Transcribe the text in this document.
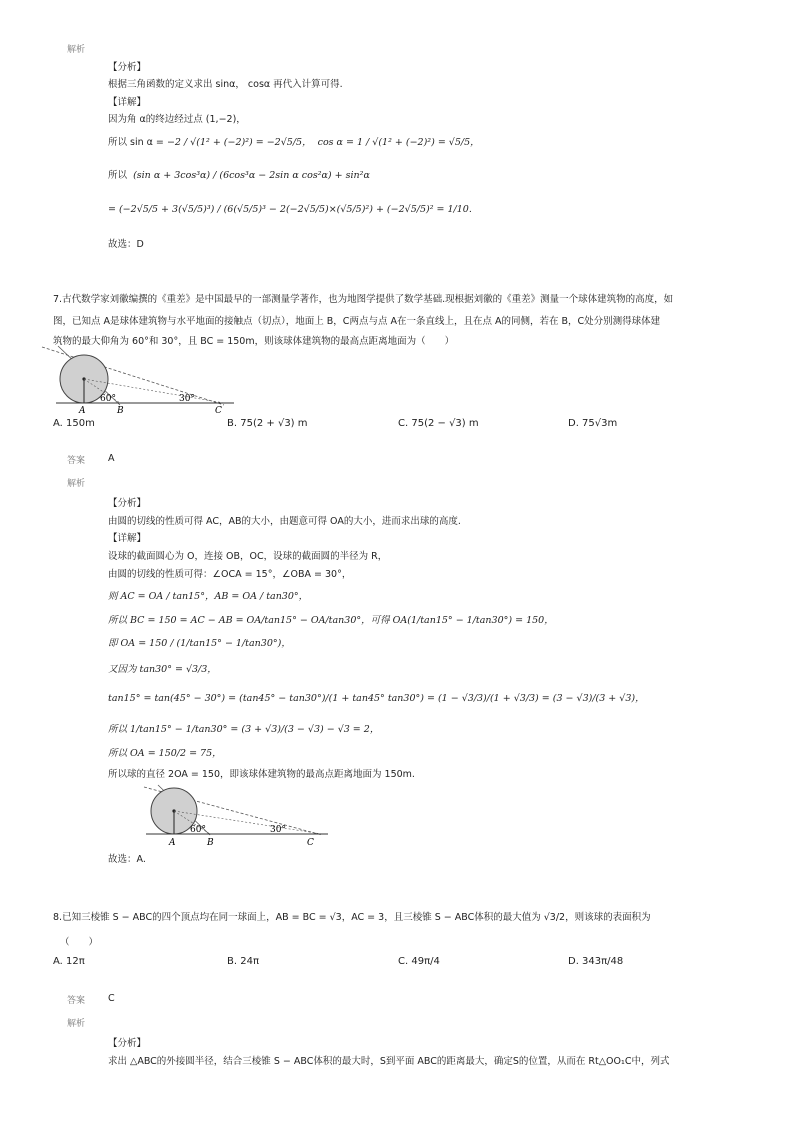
解析
【分析】
根据三角函数的定义求出 sinα， cosα 再代入计算可得.
【详解】
因为角 α的终边经过点 (1,−2)，
所以 sin α = −2 / √(1² + (−2)²) = −2√5/5， cos α = 1 / √(1² + (−2)²) = √5/5，
所以 (sin α + 3cos³α) / (6cos³α − 2sin α cos²α) + sin²α
= (−2√5/5 + 3(√5/5)³) / (6(√5/5)³ − 2(−2√5/5)×(√5/5)²) + (−2√5/5)² = 1/10.
故选：D
7.古代数学家刘徽编撰的《重差》是中国最早的一部测量学著作，也为地图学提供了数学基础.现根据刘徽的《重差》测量一个球体建筑物的高度，如
图，已知点 A是球体建筑物与水平地面的接触点（切点），地面上 B，C两点与点 A在一条直线上，且在点 A的同侧，若在 B，C处分别测得球体建
筑物的最大仰角为 60°和 30°，且 BC = 150m，则该球体建筑物的最高点距离地面为（　　）
60°	30°
A	B	C
A. 150m	B. 75(2 + √3) m	C. 75(2 − √3) m	D. 75√3m
答案 A
解析
【分析】
由圆的切线的性质可得 AC，AB的大小，由题意可得 OA的大小，进而求出球的高度.
【详解】
设球的截面圆心为 O，连接 OB，OC，设球的截面圆的半径为 R，
由圆的切线的性质可得：∠OCA = 15°，∠OBA = 30°，
则 AC = OA / tan15°，AB = OA / tan30°，
所以 BC = 150 = AC − AB = OA/tan15° − OA/tan30°，可得 OA(1/tan15° − 1/tan30°) = 150，
即 OA = 150 / (1/tan15° − 1/tan30°)，
又因为 tan30° = √3/3，
tan15° = tan(45° − 30°) = (tan45° − tan30°)/(1 + tan45° tan30°) = (1 − √3/3)/(1 + √3/3) = (3 − √3)/(3 + √3)，
所以 1/tan15° − 1/tan30° = (3 + √3)/(3 − √3) − √3 = 2，
所以 OA = 150/2 = 75，
所以球的直径 2OA = 150，即该球体建筑物的最高点距离地面为 150m.
60°	30°
A	B	C
故选：A.
8.已知三棱锥 S − ABC的四个顶点均在同一球面上，AB = BC = √3，AC = 3，且三棱锥 S − ABC体积的最大值为 √3/2，则该球的表面积为
（　　）
A. 12π	B. 24π	C. 49π/4	D. 343π/48
答案 C
解析
【分析】
求出 △ABC的外接圆半径，结合三棱锥 S − ABC体积的最大时，S到平面 ABC的距离最大，确定S的位置，从而在 Rt△OO₁C中，列式
